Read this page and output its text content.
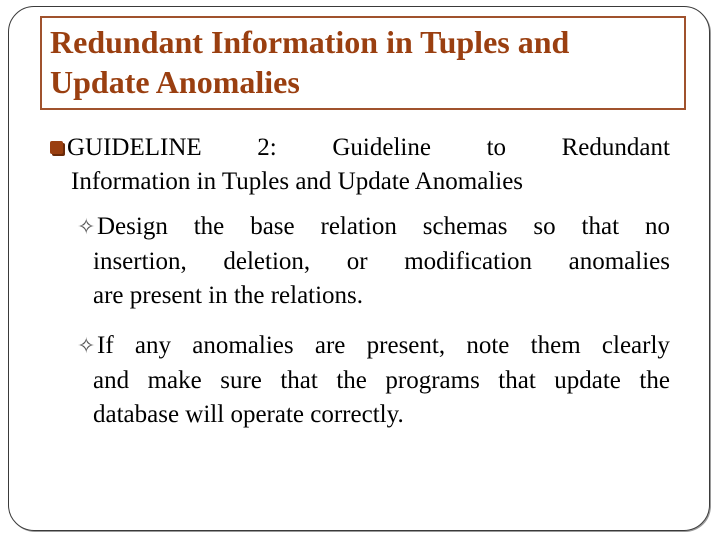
Redundant Information in Tuples and
Update Anomalies
GUIDELINE 2: Guideline to Redundant
Information in Tuples and Update Anomalies
✧Design the base relation schemas so that no
insertion, deletion, or modification anomalies
are present in the relations.
✧If any anomalies are present, note them clearly
and make sure that the programs that update the
database will operate correctly.
